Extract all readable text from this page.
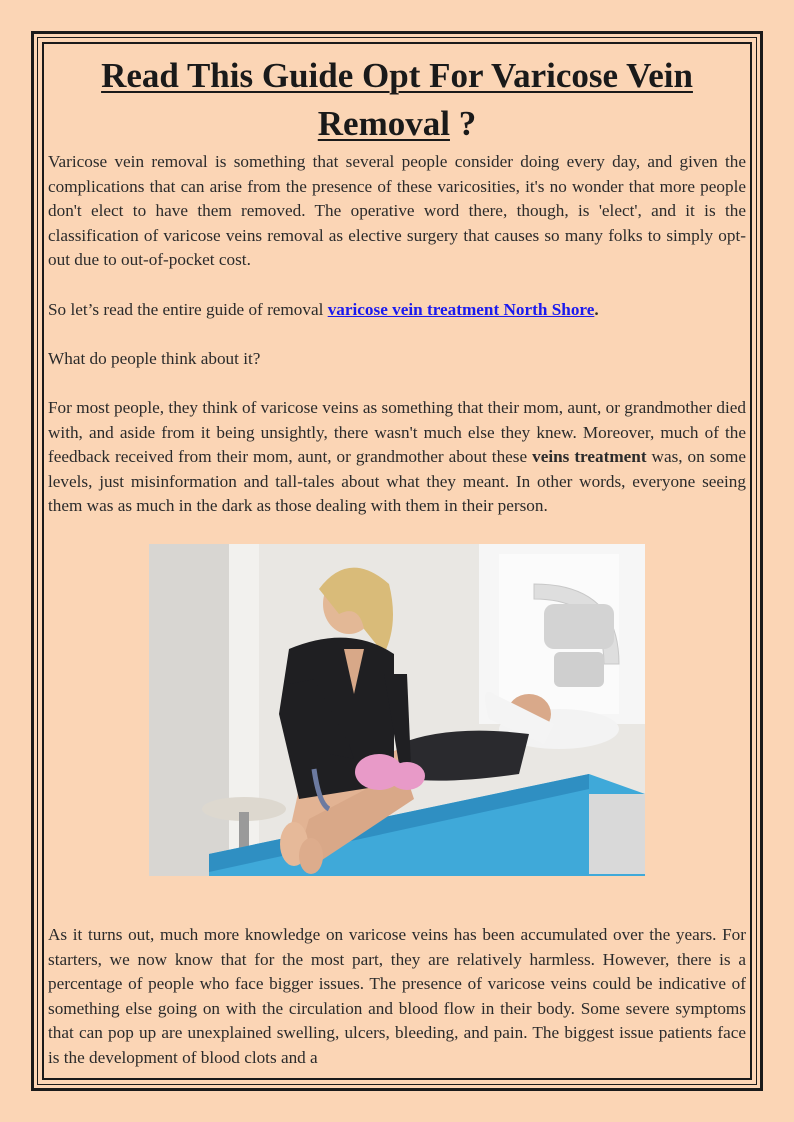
Read This Guide Opt For Varicose Vein
Removal ?

Varicose vein removal is something that several people consider doing every day, and given the complications that can arise from the presence of these varicosities, it's no wonder that more people don't elect to have them removed. The operative word there, though, is 'elect', and it is the classification of varicose veins removal as elective surgery that causes so many folks to simply opt-out due to out-of-pocket cost.

So let’s read the entire guide of removal varicose vein treatment North Shore.

What do people think about it?

For most people, they think of varicose veins as something that their mom, aunt, or grandmother died with, and aside from it being unsightly, there wasn't much else they knew. Moreover, much of the feedback received from their mom, aunt, or grandmother about these veins treatment was, on some levels, just misinformation and tall-tales about what they meant. In other words, everyone seeing them was as much in the dark as those dealing with them in their person.

As it turns out, much more knowledge on varicose veins has been accumulated over the years. For starters, we now know that for the most part, they are relatively harmless. However, there is a percentage of people who face bigger issues. The presence of varicose veins could be indicative of something else going on with the circulation and blood flow in their body. Some severe symptoms that can pop up are unexplained swelling, ulcers, bleeding, and pain. The biggest issue patients face is the development of blood clots and a
